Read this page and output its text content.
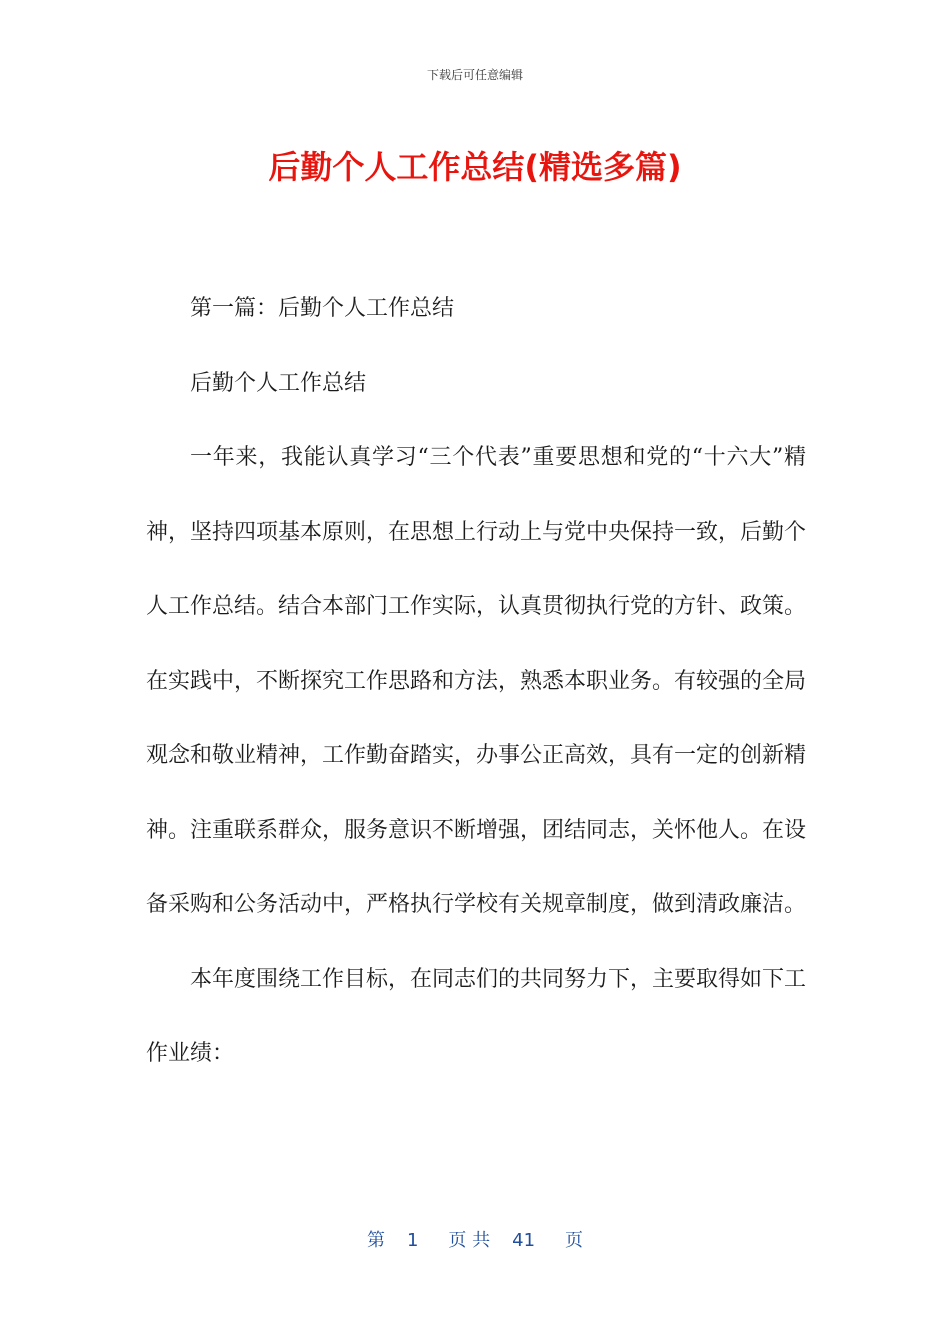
下载后可任意编辑
后勤个人工作总结(精选多篇)

第一篇：后勤个人工作总结

后勤个人工作总结

一年来，我能认真学习“三个代表”重要思想和党的“十六大”精神，坚持四项基本原则，在思想上行动上与党中央保持一致，后勤个人工作总结。结合本部门工作实际，认真贯彻执行党的方针、政策。在实践中，不断探究工作思路和方法，熟悉本职业务。有较强的全局观念和敬业精神，工作勤奋踏实，办事公正高效，具有一定的创新精神。注重联系群众，服务意识不断增强，团结同志，关怀他人。在设备采购和公务活动中，严格执行学校有关规章制度，做到清政廉洁。

本年度围绕工作目标，在同志们的共同努力下，主要取得如下工作业绩：

第 1 页 共 41 页
